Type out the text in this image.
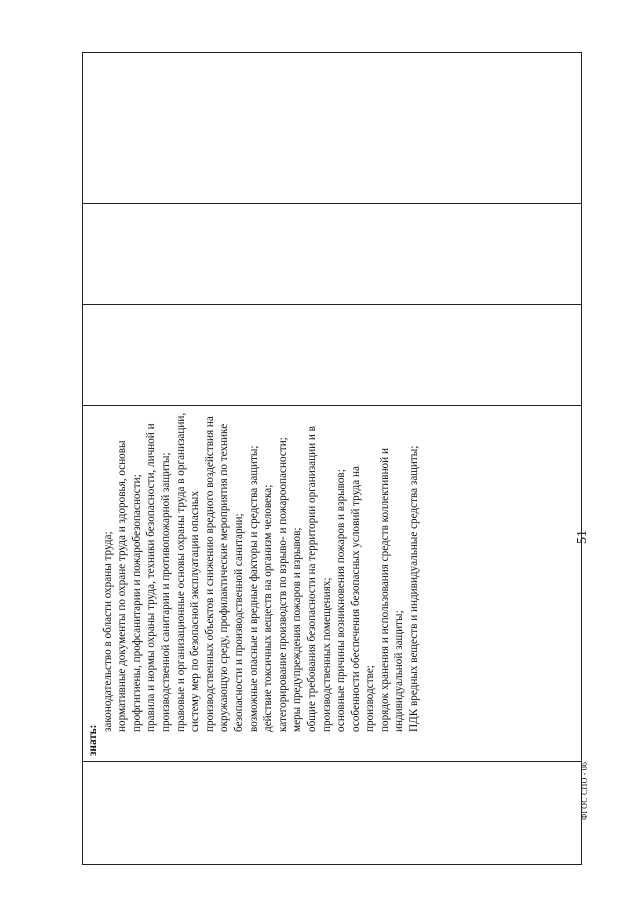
51
ФГОС СПО - 06

знать:
законодательство в области охраны труда; нормативные документы по охране труда и здоровья, основы профгигиены, профсанитарии и пожаробезопасности; правила и нормы охраны труда, техники безопасности, личной и производственной санитарии и противопожарной защиты; правовые и организационные основы охраны труда в организации, систему мер по безопасной эксплуатации опасных производственных объектов и снижению вредного воздействия на окружающую среду, профилактические мероприятия по технике безопасности и производственной санитарии; возможные опасные и вредные факторы и средства защиты; действие токсичных веществ на организм человека; категорирование производств по взрыво- и пожароопасности; меры предупреждения пожаров и взрывов; общие требования безопасности на территории организации и в производственных помещениях; основные причины возникновения пожаров и взрывов; особенности обеспечения безопасных условий труда на производстве; порядок хранения и использования средств коллективной и индивидуальной защиты; ПДК вредных веществ и индивидуальные средства защиты;
